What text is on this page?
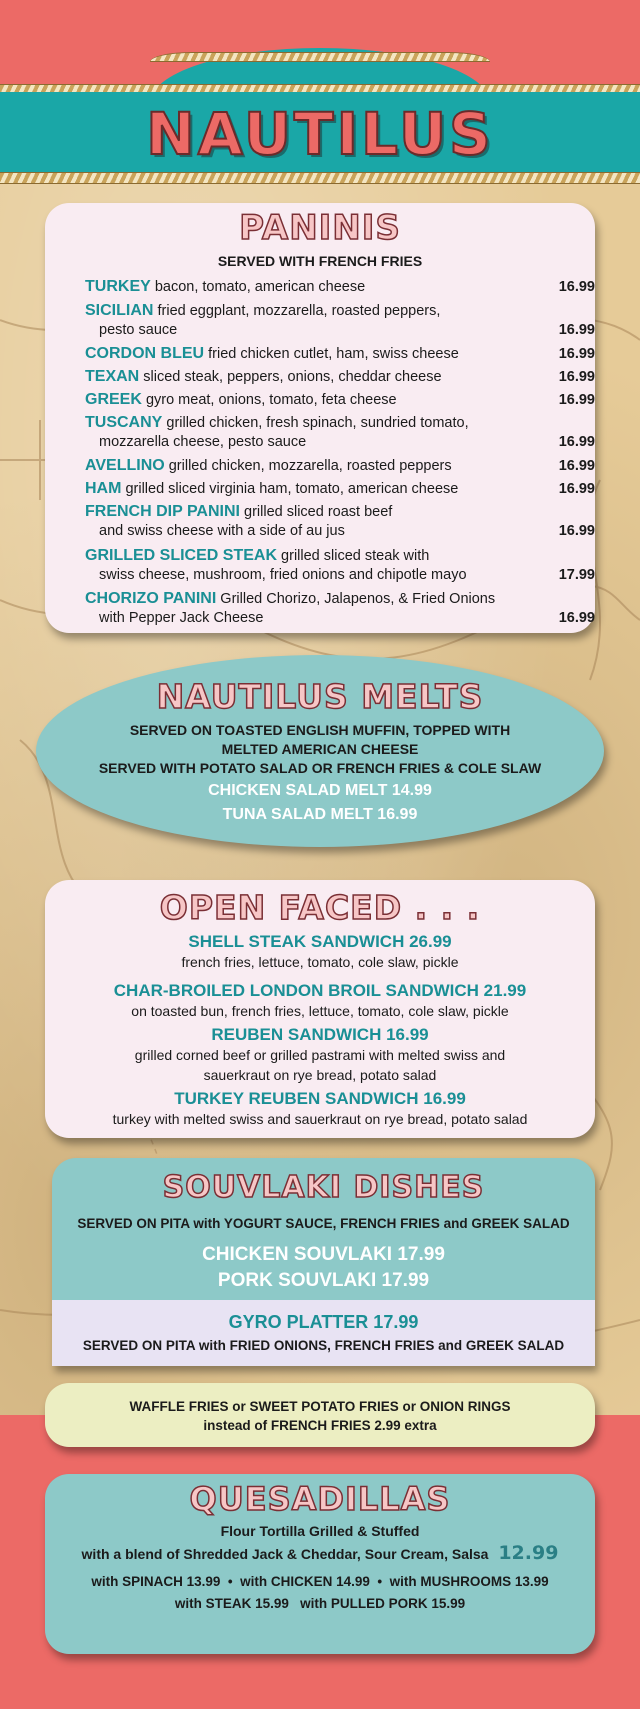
NAUTILUS
PANINIS
SERVED WITH FRENCH FRIES
TURKEY bacon, tomato, american cheese	16.99
SICILIAN fried eggplant, mozzarella, roasted peppers,
pesto sauce	16.99
CORDON BLEU fried chicken cutlet, ham, swiss cheese	16.99
TEXAN sliced steak, peppers, onions, cheddar cheese	16.99
GREEK gyro meat, onions, tomato, feta cheese	16.99
TUSCANY grilled chicken, fresh spinach, sundried tomato,
mozzarella cheese, pesto sauce	16.99
AVELLINO grilled chicken, mozzarella, roasted peppers	16.99
HAM grilled sliced virginia ham, tomato, american cheese	16.99
FRENCH DIP PANINI grilled sliced roast beef
and swiss cheese with a side of au jus	16.99
GRILLED SLICED STEAK grilled sliced steak with
swiss cheese, mushroom, fried onions and chipotle mayo	17.99
CHORIZO PANINI Grilled Chorizo, Jalapenos, & Fried Onions
with Pepper Jack Cheese	16.99
NAUTILUS MELTS
SERVED ON TOASTED ENGLISH MUFFIN, TOPPED WITH
MELTED AMERICAN CHEESE
SERVED WITH POTATO SALAD OR FRENCH FRIES & COLE SLAW
CHICKEN SALAD MELT 14.99
TUNA SALAD MELT 16.99
OPEN FACED . . .
SHELL STEAK SANDWICH 26.99
french fries, lettuce, tomato, cole slaw, pickle
CHAR-BROILED LONDON BROIL SANDWICH 21.99
on toasted bun, french fries, lettuce, tomato, cole slaw, pickle
REUBEN SANDWICH 16.99
grilled corned beef or grilled pastrami with melted swiss and
sauerkraut on rye bread, potato salad
TURKEY REUBEN SANDWICH 16.99
turkey with melted swiss and sauerkraut on rye bread, potato salad
SOUVLAKI DISHES
SERVED ON PITA with YOGURT SAUCE, FRENCH FRIES and GREEK SALAD
CHICKEN SOUVLAKI 17.99
PORK SOUVLAKI 17.99
GYRO PLATTER 17.99
SERVED ON PITA with FRIED ONIONS, FRENCH FRIES and GREEK SALAD
WAFFLE FRIES or SWEET POTATO FRIES or ONION RINGS
instead of FRENCH FRIES 2.99 extra
QUESADILLAS
Flour Tortilla Grilled & Stuffed
with a blend of Shredded Jack & Cheddar, Sour Cream, Salsa 12.99
with SPINACH 13.99  •  with CHICKEN 14.99  •  with MUSHROOMS 13.99
with STEAK 15.99   with PULLED PORK 15.99
